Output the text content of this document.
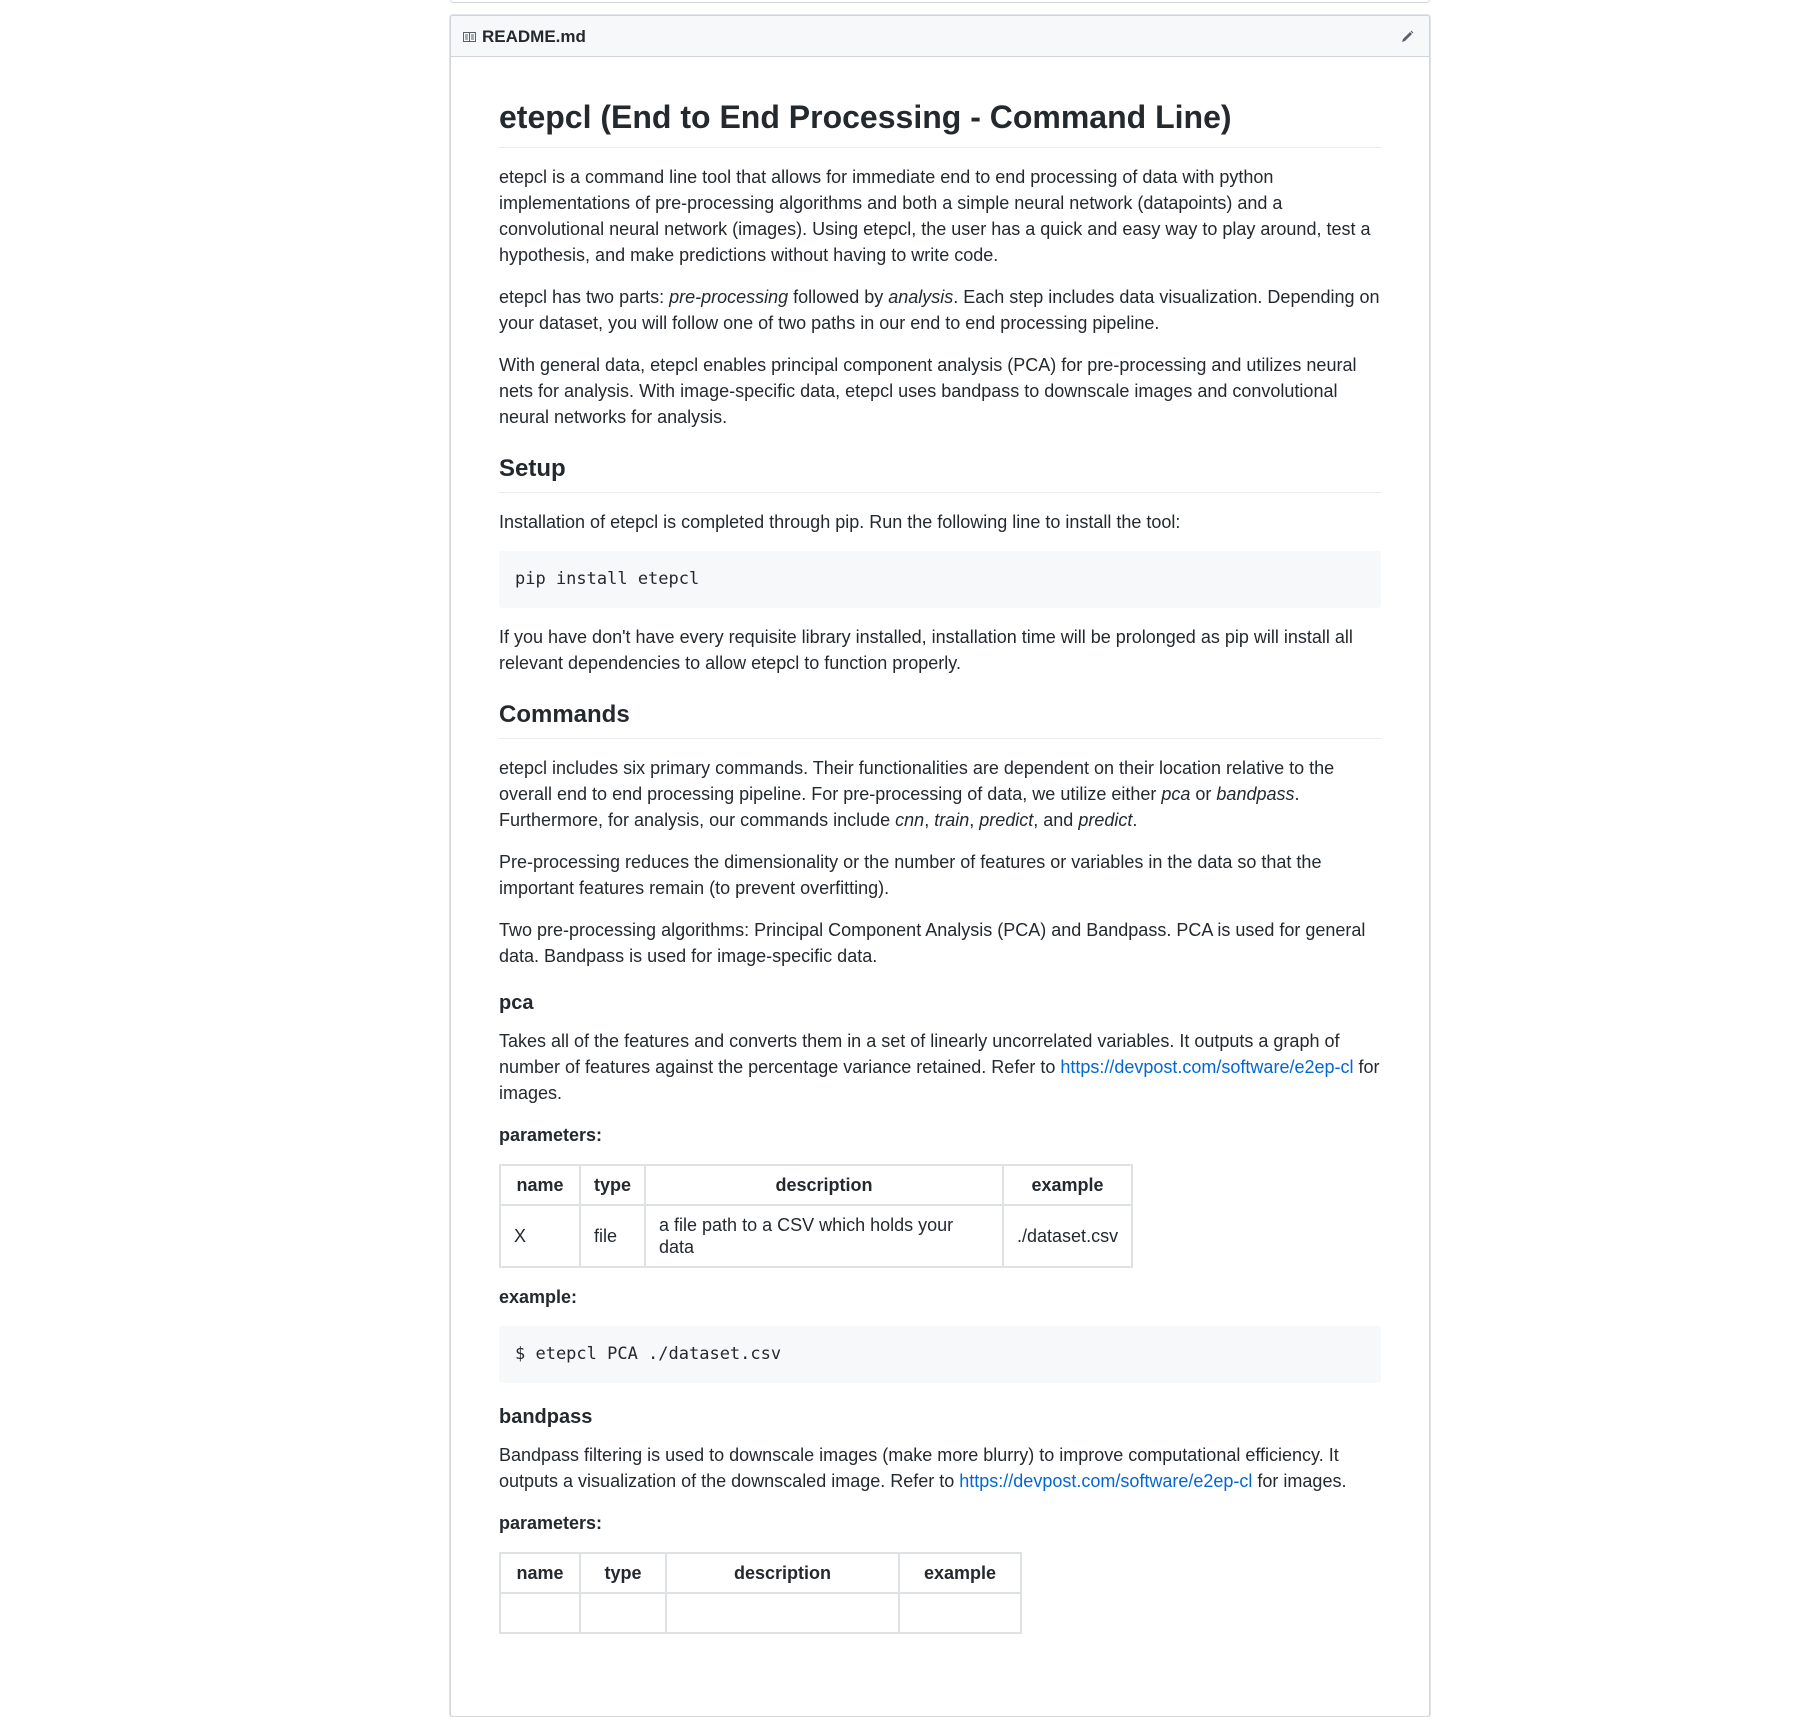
README.md
etepcl (End to End Processing - Command Line)

etepcl is a command line tool that allows for immediate end to end processing of data with python implementations of pre-processing algorithms and both a simple neural network (datapoints) and a convolutional neural network (images). Using etepcl, the user has a quick and easy way to play around, test a hypothesis, and make predictions without having to write code.

etepcl has two parts: pre-processing followed by analysis. Each step includes data visualization. Depending on your dataset, you will follow one of two paths in our end to end processing pipeline.

With general data, etepcl enables principal component analysis (PCA) for pre-processing and utilizes neural nets for analysis. With image-specific data, etepcl uses bandpass to downscale images and convolutional neural networks for analysis.

Setup

Installation of etepcl is completed through pip. Run the following line to install the tool:

pip install etepcl

If you have don't have every requisite library installed, installation time will be prolonged as pip will install all relevant dependencies to allow etepcl to function properly.

Commands

etepcl includes six primary commands. Their functionalities are dependent on their location relative to the overall end to end processing pipeline. For pre-processing of data, we utilize either pca or bandpass. Furthermore, for analysis, our commands include cnn, train, predict, and predict.

Pre-processing reduces the dimensionality or the number of features or variables in the data so that the important features remain (to prevent overfitting).

Two pre-processing algorithms: Principal Component Analysis (PCA) and Bandpass. PCA is used for general data. Bandpass is used for image-specific data.

pca

Takes all of the features and converts them in a set of linearly uncorrelated variables. It outputs a graph of number of features against the percentage variance retained. Refer to https://devpost.com/software/e2ep-cl for images.

parameters:

name	type	description	example
X	file	a file path to a CSV which holds your data	./dataset.csv

example:

$ etepcl PCA ./dataset.csv
bandpass

Bandpass filtering is used to downscale images (make more blurry) to improve computational efficiency. It outputs a visualization of the downscaled image. Refer to https://devpost.com/software/e2ep-cl for images.

parameters:

name	type	description	example
